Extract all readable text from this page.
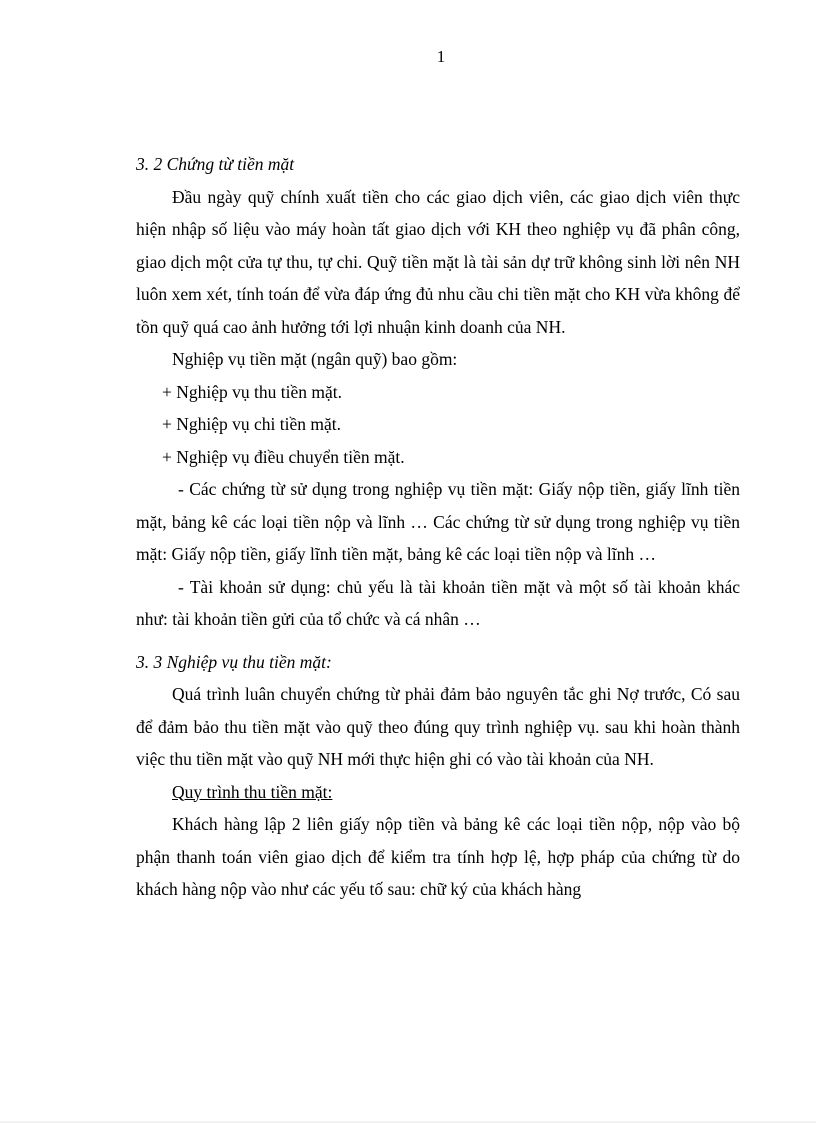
1

3. 2 Chứng từ tiền mặt

Đầu ngày quỹ chính xuất tiền cho các giao dịch viên, các giao dịch viên thực hiện nhập số liệu vào máy hoàn tất giao dịch với KH theo nghiệp vụ đã phân công, giao dịch một cửa tự thu, tự chi. Quỹ tiền mặt là tài sản dự trữ không sinh lời nên NH luôn xem xét, tính toán để vừa đáp ứng đủ nhu cầu chi tiền mặt cho KH vừa không để tồn quỹ quá cao ảnh hưởng tới lợi nhuận kinh doanh của NH.

Nghiệp vụ tiền mặt (ngân quỹ) bao gồm:

+ Nghiệp vụ thu tiền mặt.

+ Nghiệp vụ chi tiền mặt.

+ Nghiệp vụ điều chuyển tiền mặt.

- Các chứng từ sử dụng trong nghiệp vụ tiền mặt: Giấy nộp tiền, giấy lĩnh tiền mặt, bảng kê các loại tiền nộp và lĩnh … Các chứng từ sử dụng trong nghiệp vụ tiền mặt: Giấy nộp tiền, giấy lĩnh tiền mặt, bảng kê các loại tiền nộp và lĩnh …

- Tài khoản sử dụng: chủ yếu là tài khoản tiền mặt và một số tài khoản khác như: tài khoản tiền gửi của tổ chức và cá nhân …

3. 3 Nghiệp vụ thu tiền mặt:

Quá trình luân chuyển chứng từ phải đảm bảo nguyên tắc ghi Nợ trước, Có sau để đảm bảo thu tiền mặt vào quỹ theo đúng quy trình nghiệp vụ. sau khi hoàn thành việc thu tiền mặt vào quỹ NH mới thực hiện ghi có vào tài khoản của NH.

Quy trình thu tiền mặt:

Khách hàng lập 2 liên giấy nộp tiền và bảng kê các loại tiền nộp, nộp vào bộ phận thanh toán viên giao dịch để kiểm tra tính hợp lệ, hợp pháp của chứng từ do khách hàng nộp vào như các yếu tố sau: chữ ký của khách hàng
